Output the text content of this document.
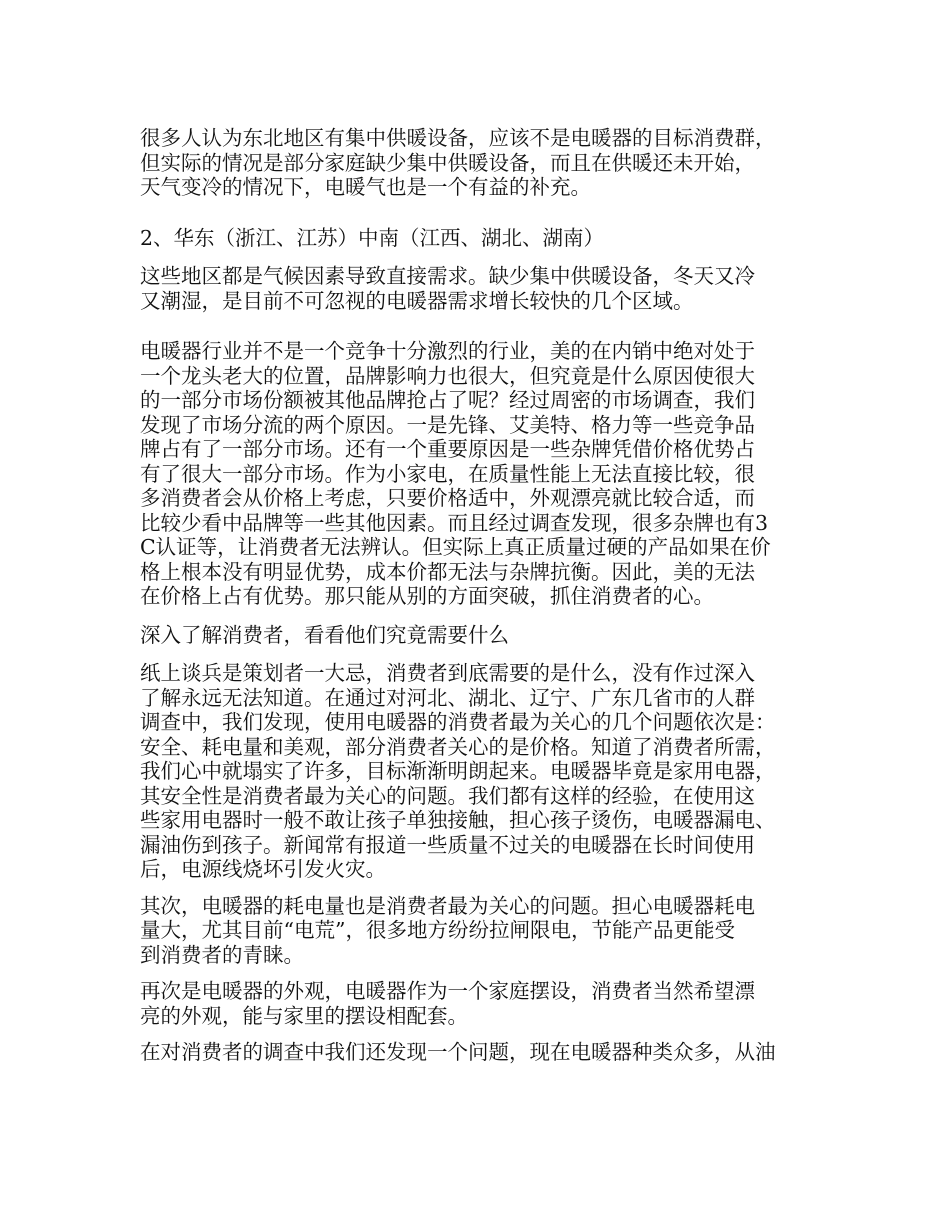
很多人认为东北地区有集中供暖设备，应该不是电暖器的目标消费群，
但实际的情况是部分家庭缺少集中供暖设备，而且在供暖还未开始，
天气变冷的情况下，电暖气也是一个有益的补充。

2、华东（浙江、江苏）中南（江西、湖北、湖南）

这些地区都是气候因素导致直接需求。缺少集中供暖设备，冬天又冷
又潮湿，是目前不可忽视的电暖器需求增长较快的几个区域。

电暖器行业并不是一个竞争十分激烈的行业，美的在内销中绝对处于
一个龙头老大的位置，品牌影响力也很大，但究竟是什么原因使很大
的一部分市场份额被其他品牌抢占了呢？经过周密的市场调查，我们
发现了市场分流的两个原因。一是先锋、艾美特、格力等一些竞争品
牌占有了一部分市场。还有一个重要原因是一些杂牌凭借价格优势占
有了很大一部分市场。作为小家电，在质量性能上无法直接比较，很
多消费者会从价格上考虑，只要价格适中，外观漂亮就比较合适，而
比较少看中品牌等一些其他因素。而且经过调查发现，很多杂牌也有3
C认证等，让消费者无法辨认。但实际上真正质量过硬的产品如果在价
格上根本没有明显优势，成本价都无法与杂牌抗衡。因此，美的无法
在价格上占有优势。那只能从别的方面突破，抓住消费者的心。

深入了解消费者，看看他们究竟需要什么

纸上谈兵是策划者一大忌，消费者到底需要的是什么，没有作过深入
了解永远无法知道。在通过对河北、湖北、辽宁、广东几省市的人群
调查中，我们发现，使用电暖器的消费者最为关心的几个问题依次是：
安全、耗电量和美观，部分消费者关心的是价格。知道了消费者所需，
我们心中就塌实了许多，目标渐渐明朗起来。电暖器毕竟是家用电器，
其安全性是消费者最为关心的问题。我们都有这样的经验，在使用这
些家用电器时一般不敢让孩子单独接触，担心孩子烫伤，电暖器漏电、
漏油伤到孩子。新闻常有报道一些质量不过关的电暖器在长时间使用
后，电源线烧坏引发火灾。

其次，电暖器的耗电量也是消费者最为关心的问题。担心电暖器耗电
量大，尤其目前“电荒”，很多地方纷纷拉闸限电，节能产品更能受
到消费者的青睐。

再次是电暖器的外观，电暖器作为一个家庭摆设，消费者当然希望漂
亮的外观，能与家里的摆设相配套。

在对消费者的调查中我们还发现一个问题，现在电暖器种类众多，从油
